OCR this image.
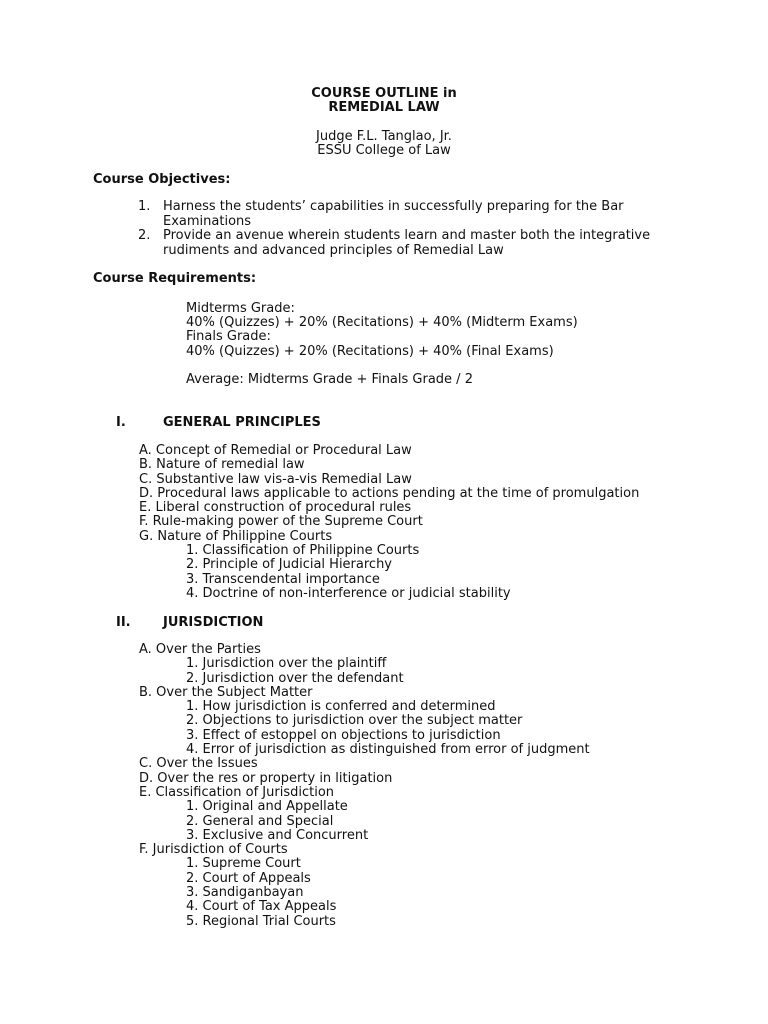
COURSE OUTLINE in
REMEDIAL LAW
Judge F.L. Tanglao, Jr.
ESSU College of Law
Course Objectives:
1. Harness the students’ capabilities in successfully preparing for the Bar Examinations
2. Provide an avenue wherein students learn and master both the integrative rudiments and advanced principles of Remedial Law
Course Requirements:
Midterms Grade:
40% (Quizzes) + 20% (Recitations) + 40% (Midterm Exams)
Finals Grade:
40% (Quizzes) + 20% (Recitations) + 40% (Final Exams)
Average: Midterms Grade + Finals Grade / 2
I.	GENERAL PRINCIPLES
A. Concept of Remedial or Procedural Law
B. Nature of remedial law
C. Substantive law vis-a-vis Remedial Law
D. Procedural laws applicable to actions pending at the time of promulgation
E. Liberal construction of procedural rules
F. Rule-making power of the Supreme Court
G. Nature of Philippine Courts
1. Classification of Philippine Courts
2. Principle of Judicial Hierarchy
3. Transcendental importance
4. Doctrine of non-interference or judicial stability
II. JURISDICTION
A. Over the Parties
1. Jurisdiction over the plaintiff
2. Jurisdiction over the defendant
B. Over the Subject Matter
1. How jurisdiction is conferred and determined
2. Objections to jurisdiction over the subject matter
3. Effect of estoppel on objections to jurisdiction
4. Error of jurisdiction as distinguished from error of judgment
C. Over the Issues
D. Over the res or property in litigation
E. Classification of Jurisdiction
1. Original and Appellate
2. General and Special
3. Exclusive and Concurrent
F. Jurisdiction of Courts
1. Supreme Court
2. Court of Appeals
3. Sandiganbayan
4. Court of Tax Appeals
5. Regional Trial Courts
